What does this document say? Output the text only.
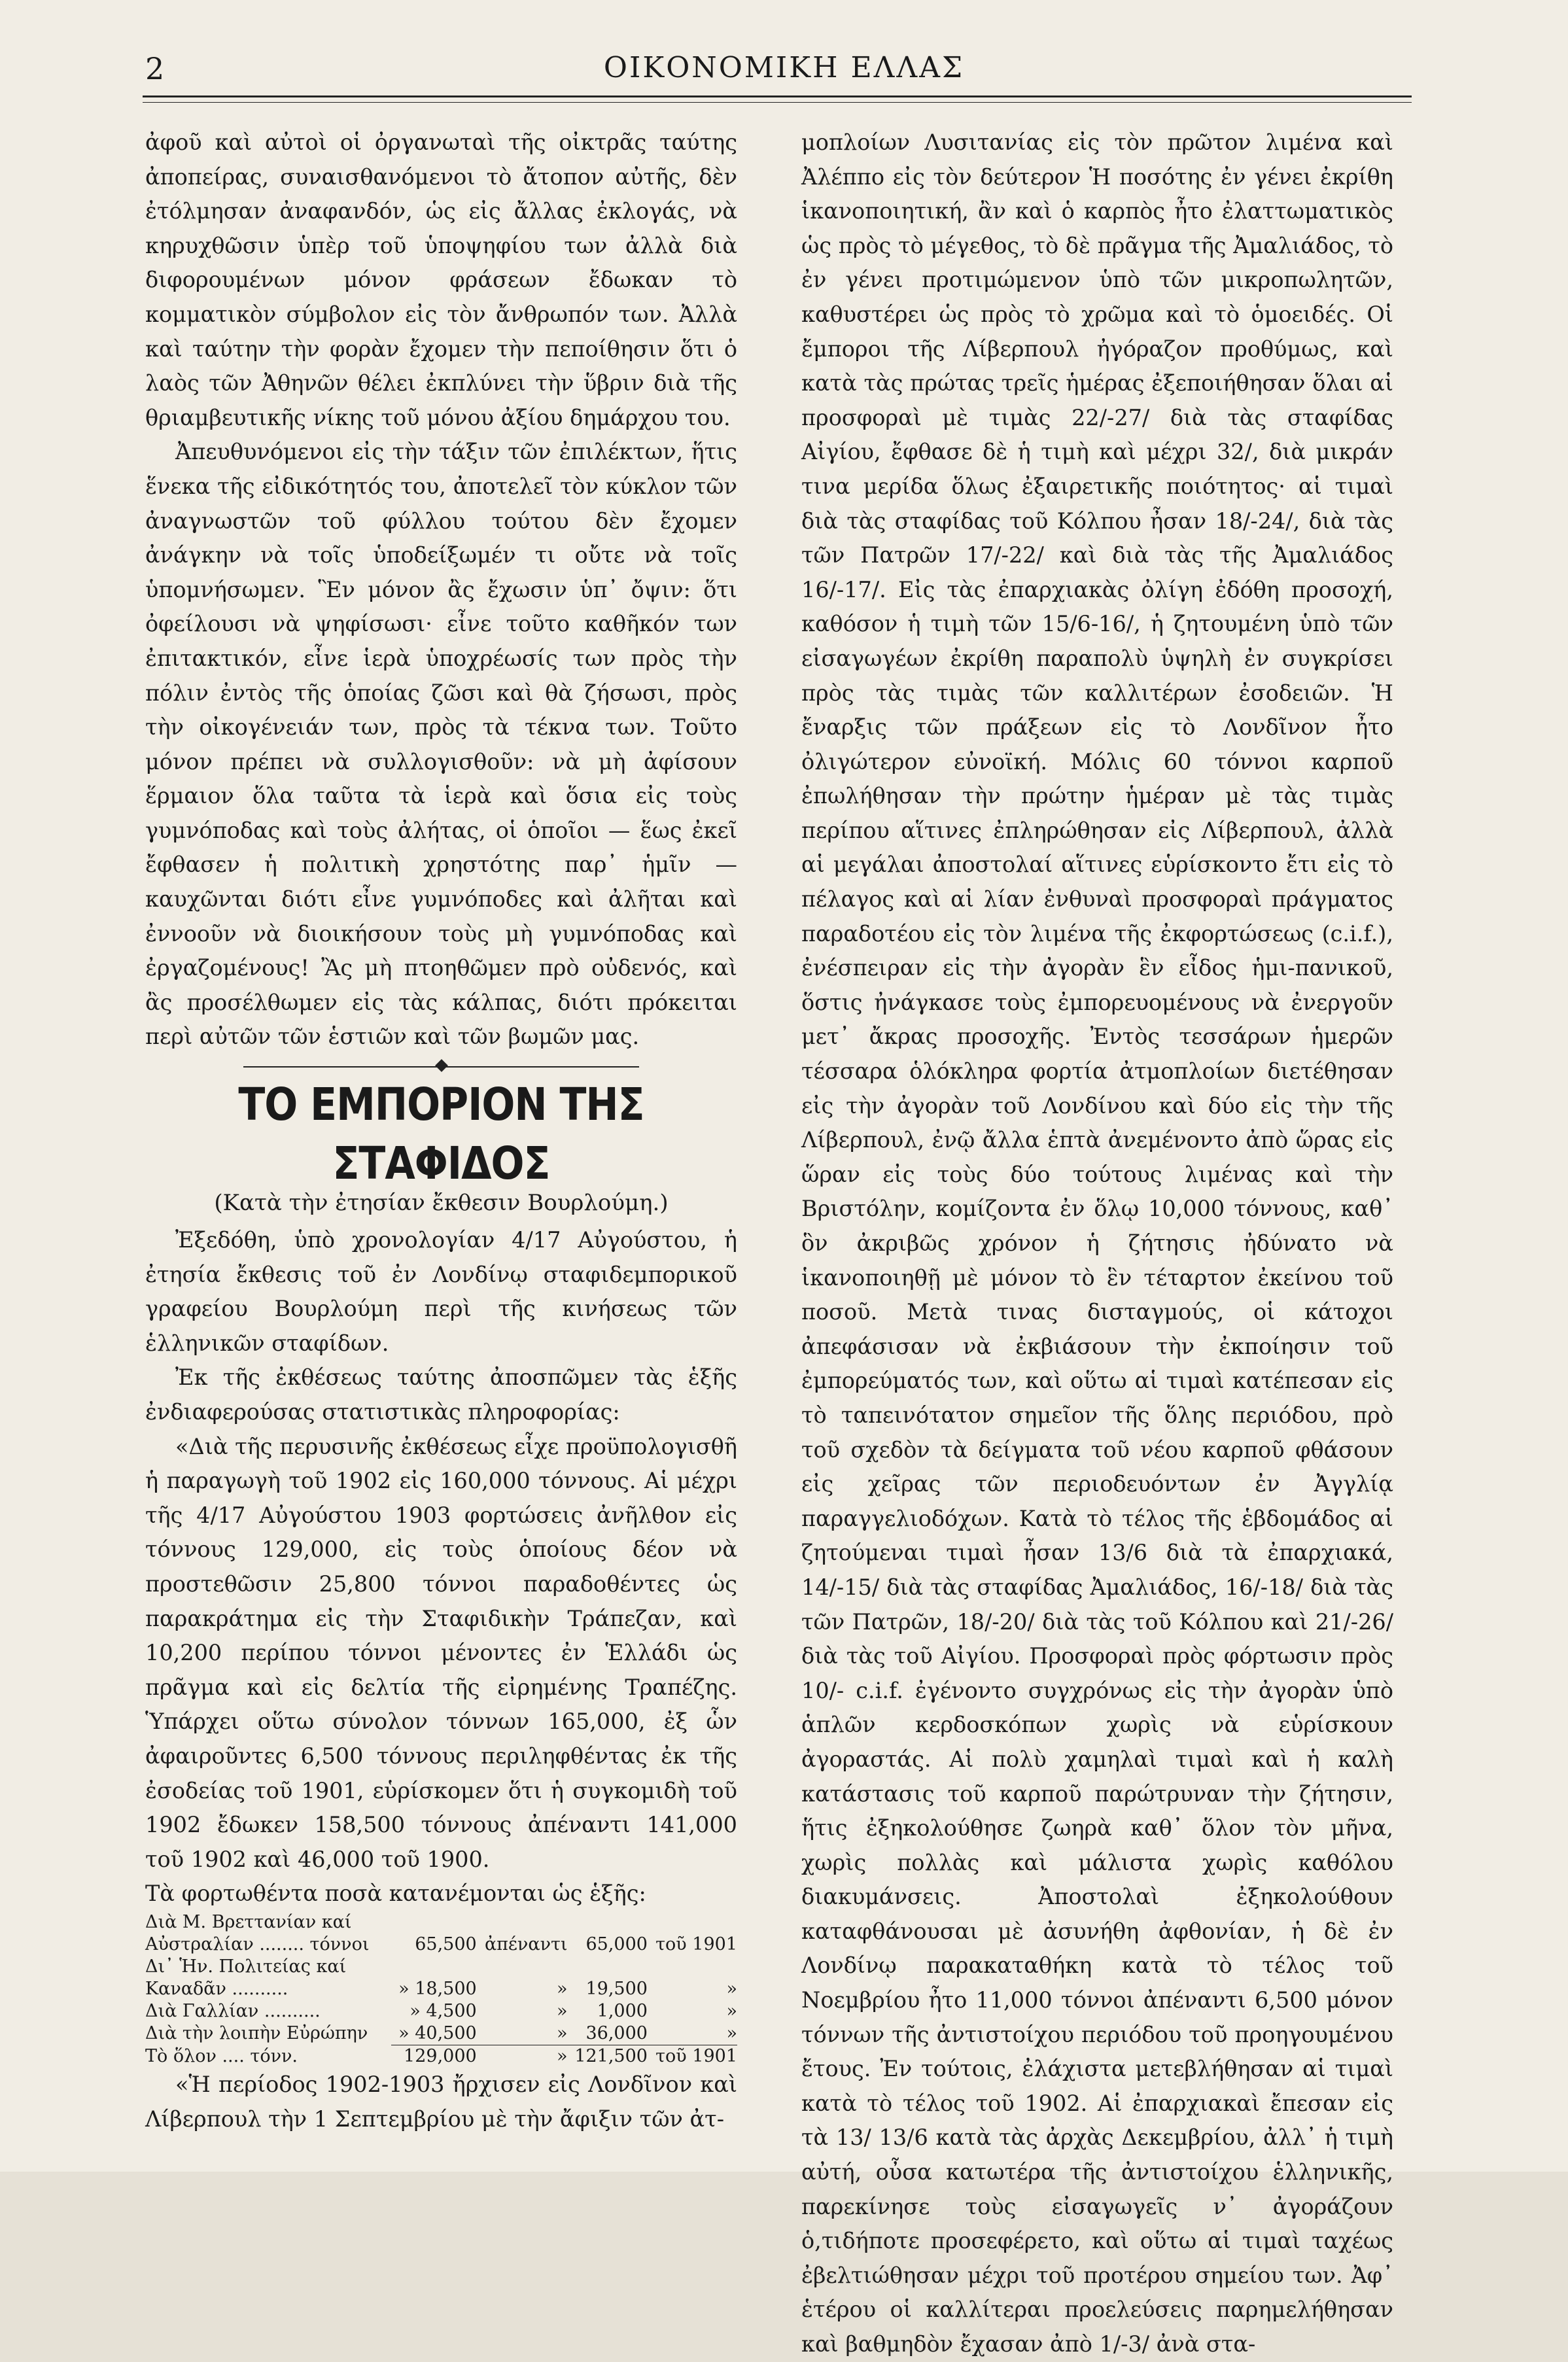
2	ΟΙΚΟΝΟΜΙΚΗ ΕΛΛΑΣ

ἀφοῦ καὶ αὐτοὶ οἱ ὀργανωταὶ τῆς οἰκτρᾶς ταύτης ἀποπείρας, συναισθανόμενοι τὸ ἄτοπον αὐτῆς, δὲν ἐτόλμησαν ἀναφανδόν, ὡς εἰς ἄλλας ἐκλογάς, νὰ κηρυχθῶσιν ὑπὲρ τοῦ ὑποψηφίου των ἀλλὰ διὰ διφορουμένων μόνον φράσεων ἔδωκαν τὸ κομματικὸν σύμβολον εἰς τὸν ἄνθρωπόν των. Ἀλλὰ καὶ ταύτην τὴν φορὰν ἔχομεν τὴν πεποίθησιν ὅτι ὁ λαὸς τῶν Ἀθηνῶν θέλει ἐκπλύνει τὴν ὕβριν διὰ τῆς θριαμβευτικῆς νίκης τοῦ μόνου ἀξίου δημάρχου του.

Ἀπευθυνόμενοι εἰς τὴν τάξιν τῶν ἐπιλέκτων, ἥτις ἕνεκα τῆς εἰδικότητός του, ἀποτελεῖ τὸν κύκλον τῶν ἀναγνωστῶν τοῦ φύλλου τούτου δὲν ἔχομεν ἀνάγκην νὰ τοῖς ὑποδείξωμέν τι οὔτε νὰ τοῖς ὑπομνήσωμεν. Ἓν μόνον ἂς ἔχωσιν ὑπ᾽ ὄψιν: ὅτι ὀφείλουσι νὰ ψηφίσωσι· εἶνε τοῦτο καθῆκόν των ἐπιτακτικόν, εἶνε ἱερὰ ὑποχρέωσίς των πρὸς τὴν πόλιν ἐντὸς τῆς ὁποίας ζῶσι καὶ θὰ ζήσωσι, πρὸς τὴν οἰκογένειάν των, πρὸς τὰ τέκνα των. Τοῦτο μόνον πρέπει νὰ συλλογισθοῦν: νὰ μὴ ἀφίσουν ἕρμαιον ὅλα ταῦτα τὰ ἱερὰ καὶ ὅσια εἰς τοὺς γυμνόποδας καὶ τοὺς ἀλήτας, οἱ ὁποῖοι — ἕως ἐκεῖ ἔφθασεν ἡ πολιτικὴ χρηστότης παρ᾽ ἡμῖν — καυχῶνται διότι εἶνε γυμνόποδες καὶ ἀλῆται καὶ ἐννοοῦν νὰ διοικήσουν τοὺς μὴ γυμνόποδας καὶ ἐργαζομένους! Ἂς μὴ πτοηθῶμεν πρὸ οὐδενός, καὶ ἂς προσέλθωμεν εἰς τὰς κάλπας, διότι πρόκειται περὶ αὐτῶν τῶν ἑστιῶν καὶ τῶν βωμῶν μας.

ΤΟ ΕΜΠΟΡΙΟΝ ΤΗΣ ΣΤΑΦΙΔΟΣ
(Κατὰ τὴν ἐτησίαν ἔκθεσιν Βουρλούμη.)

Ἐξεδόθη, ὑπὸ χρονολογίαν 4/17 Αὐγούστου, ἡ ἐτησία ἔκθεσις τοῦ ἐν Λονδίνῳ σταφιδεμπορικοῦ γραφείου Βουρλούμη περὶ τῆς κινήσεως τῶν ἑλληνικῶν σταφίδων.

Ἐκ τῆς ἐκθέσεως ταύτης ἀποσπῶμεν τὰς ἑξῆς ἐνδιαφερούσας στατιστικὰς πληροφορίας:

«Διὰ τῆς περυσινῆς ἐκθέσεως εἶχε προϋπολογισθῆ ἡ παραγωγὴ τοῦ 1902 εἰς 160,000 τόννους. Αἱ μέχρι τῆς 4/17 Αὐγούστου 1903 φορτώσεις ἀνῆλθον εἰς τόννους 129,000, εἰς τοὺς ὁποίους δέον νὰ προστεθῶσιν 25,800 τόννοι παραδοθέντες ὡς παρακράτημα εἰς τὴν Σταφιδικὴν Τράπεζαν, καὶ 10,200 περίπου τόννοι μένοντες ἐν Ἑλλάδι ὡς πρᾶγμα καὶ εἰς δελτία τῆς εἰρημένης Τραπέζης. Ὑπάρχει οὕτω σύνολον τόννων 165,000, ἐξ ὧν ἀφαιροῦντες 6,500 τόννους περιληφθέντας ἐκ τῆς ἐσοδείας τοῦ 1901, εὑρίσκομεν ὅτι ἡ συγκομιδὴ τοῦ 1902 ἔδωκεν 158,500 τόννους ἀπέναντι 141,000 τοῦ 1902 καὶ 46,000 τοῦ 1900.

Τὰ φορτωθέντα ποσὰ κατανέμονται ὡς ἑξῆς:

Διὰ Μ. Βρεττανίαν καί				
Αὐστραλίαν ........ τόννοι	65,500	ἀπέναντι	65,000	τοῦ 1901
Δι᾽ Ἡν. Πολιτείας καί				
Καναδᾶν ..........	» 18,500	»	19,500	»
Διὰ Γαλλίαν ..........	» 4,500	»	1,000	»
Διὰ τὴν λοιπὴν Εὐρώπην	» 40,500	»	36,000	»
Τὸ ὅλον .... τόνν.	129,000	»	121,500	τοῦ 1901

«Ἡ περίοδος 1902-1903 ἤρχισεν εἰς Λονδῖνον καὶ Λίβερπουλ τὴν 1 Σεπτεμβρίου μὲ τὴν ἄφιξιν τῶν ἀτ-

μοπλοίων Λυσιτανίας εἰς τὸν πρῶτον λιμένα καὶ Ἀλέππο εἰς τὸν δεύτερον Ἡ ποσότης ἐν γένει ἐκρίθη ἱκανοποιητική, ἂν καὶ ὁ καρπὸς ἦτο ἐλαττωματικὸς ὡς πρὸς τὸ μέγεθος, τὸ δὲ πρᾶγμα τῆς Ἀμαλιάδος, τὸ ἐν γένει προτιμώμενον ὑπὸ τῶν μικροπωλητῶν, καθυστέρει ὡς πρὸς τὸ χρῶμα καὶ τὸ ὁμοειδές. Οἱ ἔμποροι τῆς Λίβερπουλ ἠγόραζον προθύμως, καὶ κατὰ τὰς πρώτας τρεῖς ἡμέρας ἐξεποιήθησαν ὅλαι αἱ προσφοραὶ μὲ τιμὰς 22/-27/ διὰ τὰς σταφίδας Αἰγίου, ἔφθασε δὲ ἡ τιμὴ καὶ μέχρι 32/, διὰ μικράν τινα μερίδα ὅλως ἐξαιρετικῆς ποιότητος· αἱ τιμαὶ διὰ τὰς σταφίδας τοῦ Κόλπου ἦσαν 18/-24/, διὰ τὰς τῶν Πατρῶν 17/-22/ καὶ διὰ τὰς τῆς Ἀμαλιάδος 16/-17/. Εἰς τὰς ἐπαρχιακὰς ὀλίγη ἐδόθη προσοχή, καθόσον ἡ τιμὴ τῶν 15/6-16/, ἡ ζητουμένη ὑπὸ τῶν εἰσαγωγέων ἐκρίθη παραπολὺ ὑψηλὴ ἐν συγκρίσει πρὸς τὰς τιμὰς τῶν καλλιτέρων ἐσοδειῶν. Ἡ ἔναρξις τῶν πράξεων εἰς τὸ Λονδῖνον ἦτο ὀλιγώτερον εὐνοϊκή. Μόλις 60 τόννοι καρποῦ ἐπωλήθησαν τὴν πρώτην ἡμέραν μὲ τὰς τιμὰς περίπου αἵτινες ἐπληρώθησαν εἰς Λίβερπουλ, ἀλλὰ αἱ μεγάλαι ἀποστολαί αἵτινες εὑρίσκοντο ἔτι εἰς τὸ πέλαγος καὶ αἱ λίαν ἐνθυναὶ προσφοραὶ πράγματος παραδοτέου εἰς τὸν λιμένα τῆς ἐκφορτώσεως (c.i.f.), ἐνέσπειραν εἰς τὴν ἀγορὰν ἓν εἶδος ἡμι-πανικοῦ, ὅστις ἠνάγκασε τοὺς ἐμπορευομένους νὰ ἐνεργοῦν μετ᾽ ἄκρας προσοχῆς. Ἐντὸς τεσσάρων ἡμερῶν τέσσαρα ὁλόκληρα φορτία ἀτμοπλοίων διετέθησαν εἰς τὴν ἀγορὰν τοῦ Λονδίνου καὶ δύο εἰς τὴν τῆς Λίβερπουλ, ἐνῷ ἄλλα ἑπτὰ ἀνεμένοντο ἀπὸ ὥρας εἰς ὥραν εἰς τοὺς δύο τούτους λιμένας καὶ τὴν Βριστόλην, κομίζοντα ἐν ὅλῳ 10,000 τόννους, καθ᾽ ὃν ἀκριβῶς χρόνον ἡ ζήτησις ἠδύνατο νὰ ἱκανοποιηθῇ μὲ μόνον τὸ ἓν τέταρτον ἐκείνου τοῦ ποσοῦ. Μετὰ τινας δισταγμούς, οἱ κάτοχοι ἀπεφάσισαν νὰ ἐκβιάσουν τὴν ἐκποίησιν τοῦ ἐμπορεύματός των, καὶ οὕτω αἱ τιμαὶ κατέπεσαν εἰς τὸ ταπεινότατον σημεῖον τῆς ὅλης περιόδου, πρὸ τοῦ σχεδὸν τὰ δείγματα τοῦ νέου καρποῦ φθάσουν εἰς χεῖρας τῶν περιοδευόντων ἐν Ἀγγλίᾳ παραγγελιοδόχων. Κατὰ τὸ τέλος τῆς ἑβδομάδος αἱ ζητούμεναι τιμαὶ ἦσαν 13/6 διὰ τὰ ἐπαρχιακά, 14/-15/ διὰ τὰς σταφίδας Ἀμαλιάδος, 16/-18/ διὰ τὰς τῶν Πατρῶν, 18/-20/ διὰ τὰς τοῦ Κόλπου καὶ 21/-26/ διὰ τὰς τοῦ Αἰγίου. Προσφοραὶ πρὸς φόρτωσιν πρὸς 10/- c.i.f. ἐγένοντο συγχρόνως εἰς τὴν ἀγορὰν ὑπὸ ἁπλῶν κερδοσκόπων χωρὶς νὰ εὑρίσκουν ἀγοραστάς. Αἱ πολὺ χαμηλαὶ τιμαὶ καὶ ἡ καλὴ κατάστασις τοῦ καρποῦ παρώτρυναν τὴν ζήτησιν, ἥτις ἐξηκολούθησε ζωηρὰ καθ᾽ ὅλον τὸν μῆνα, χωρὶς πολλὰς καὶ μάλιστα χωρὶς καθόλου διακυμάνσεις. Ἀποστολαὶ ἐξηκολούθουν καταφθάνουσαι μὲ ἀσυνήθη ἀφθονίαν, ἡ δὲ ἐν Λονδίνῳ παρακαταθήκη κατὰ τὸ τέλος τοῦ Νοεμβρίου ἦτο 11,000 τόννοι ἀπέναντι 6,500 μόνον τόννων τῆς ἀντιστοίχου περιόδου τοῦ προηγουμένου ἔτους. Ἐν τούτοις, ἐλάχιστα μετεβλήθησαν αἱ τιμαὶ κατὰ τὸ τέλος τοῦ 1902. Αἱ ἐπαρχιακαὶ ἔπεσαν εἰς τὰ 13/ 13/6 κατὰ τὰς ἀρχὰς Δεκεμβρίου, ἀλλ᾽ ἡ τιμὴ αὐτή, οὖσα κατωτέρα τῆς ἀντιστοίχου ἑλληνικῆς, παρεκίνησε τοὺς εἰσαγωγεῖς ν᾽ ἀγοράζουν ὁ,τιδήποτε προσεφέρετο, καὶ οὕτω αἱ τιμαὶ ταχέως ἐβελτιώθησαν μέχρι τοῦ προτέρου σημείου των. Ἀφ᾽ ἑτέρου οἱ καλλίτεραι προελεύσεις παρημελήθησαν καὶ βαθμηδὸν ἔχασαν ἀπὸ 1/-3/ ἀνὰ στα-
